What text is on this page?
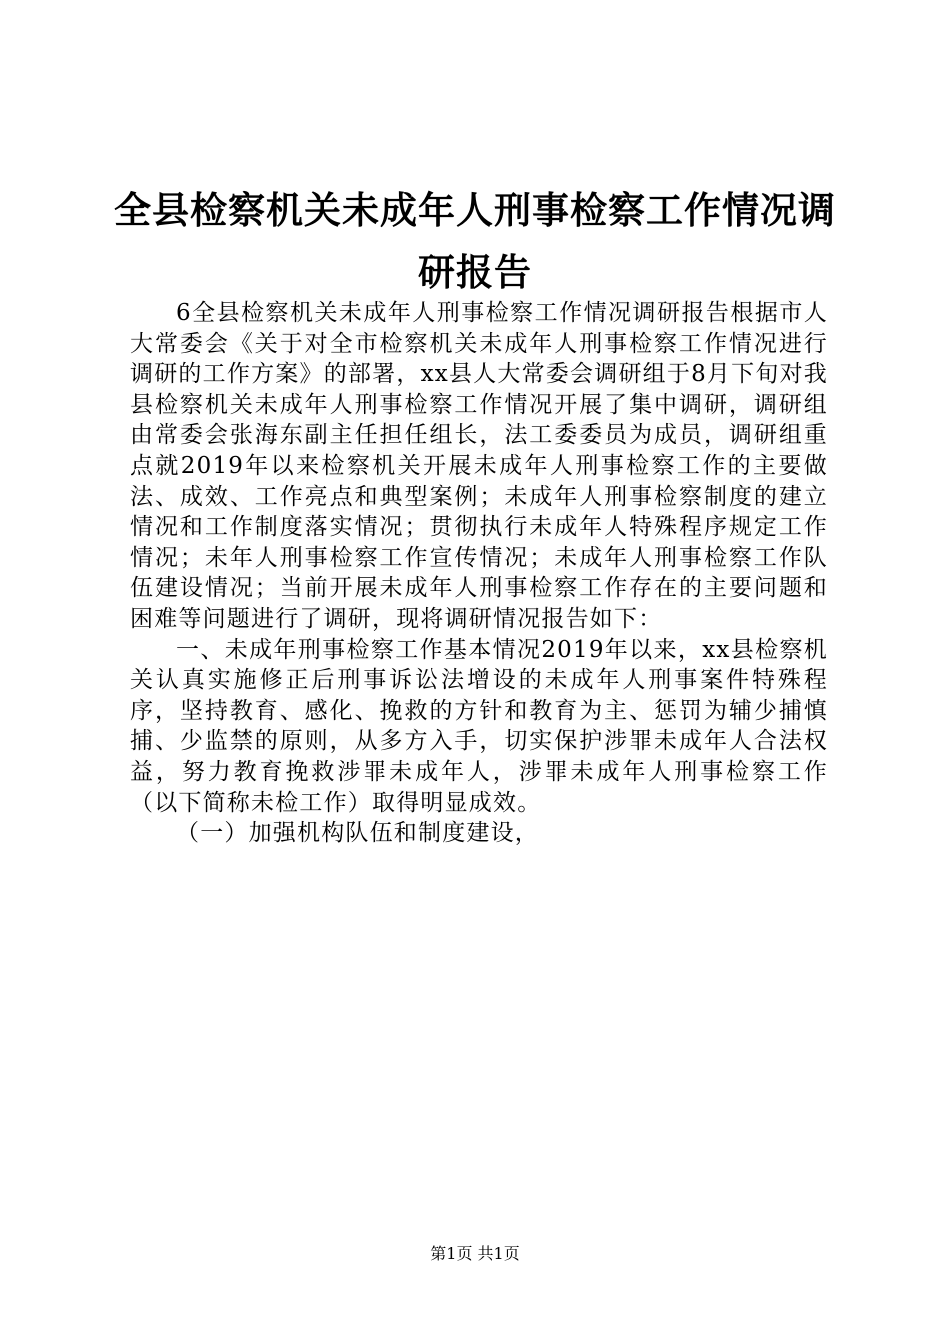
全县检察机关未成年人刑事检察工作情况调研报告

6全县检察机关未成年人刑事检察工作情况调研报告根据市人大常委会《关于对全市检察机关未成年人刑事检察工作情况进行调研的工作方案》的部署，xx县人大常委会调研组于8月下旬对我县检察机关未成年人刑事检察工作情况开展了集中调研，调研组由常委会张海东副主任担任组长，法工委委员为成员，调研组重点就2019年以来检察机关开展未成年人刑事检察工作的主要做法、成效、工作亮点和典型案例；未成年人刑事检察制度的建立情况和工作制度落实情况；贯彻执行未成年人特殊程序规定工作情况；未年人刑事检察工作宣传情况；未成年人刑事检察工作队伍建设情况；当前开展未成年人刑事检察工作存在的主要问题和困难等问题进行了调研，现将调研情况报告如下：

一、未成年刑事检察工作基本情况2019年以来，xx县检察机关认真实施修正后刑事诉讼法增设的未成年人刑事案件特殊程序，坚持教育、感化、挽救的方针和教育为主、惩罚为辅少捕慎捕、少监禁的原则，从多方入手，切实保护涉罪未成年人合法权益，努力教育挽救涉罪未成年人，涉罪未成年人刑事检察工作（以下简称未检工作）取得明显成效。

（一）加强机构队伍和制度建设，

第1页 共1页
